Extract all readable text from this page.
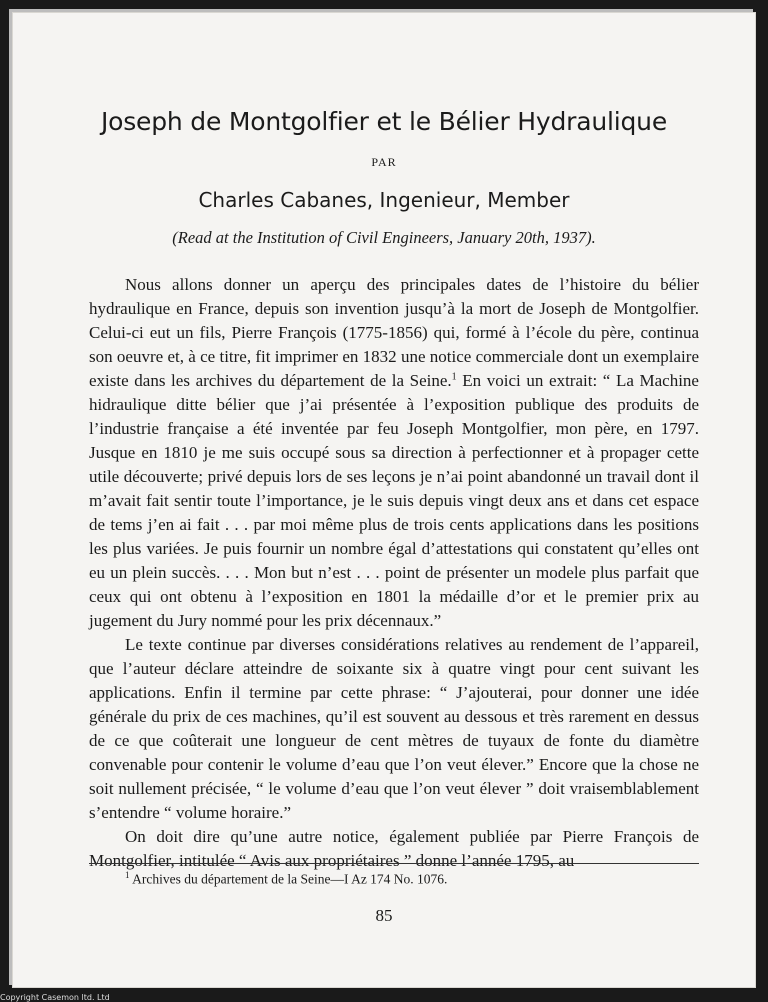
Joseph de Montgolfier et le Bélier Hydraulique
PAR
Charles Cabanes, Ingenieur, Member
(Read at the Institution of Civil Engineers, January 20th, 1937).

Nous allons donner un aperçu des principales dates de l’histoire du bélier hydraulique en France, depuis son invention jusqu’à la mort de Joseph de Montgolfier. Celui-ci eut un fils, Pierre François (1775-1856) qui, formé à l’école du père, continua son oeuvre et, à ce titre, fit imprimer en 1832 une notice commerciale dont un exemplaire existe dans les archives du département de la Seine.$^1$ En voici un extrait: “ La Machine hidraulique ditte bélier que j’ai présentée à l’exposition publique des produits de l’industrie française a été inventée par feu Joseph Montgolfier, mon père, en 1797. Jusque en 1810 je me suis occupé sous sa direction à perfectionner et à propager cette utile découverte; privé depuis lors de ses leçons je n’ai point abandonné un travail dont il m’avait fait sentir toute l’importance, je le suis depuis vingt deux ans et dans cet espace de tems j’en ai fait . . . par moi même plus de trois cents applications dans les positions les plus variées. Je puis fournir un nombre égal d’attestations qui constatent qu’elles ont eu un plein succès. . . . Mon but n’est . . . point de présenter un modele plus parfait que ceux qui ont obtenu à l’exposition en 1801 la médaille d’or et le premier prix au jugement du Jury nommé pour les prix décennaux.”

Le texte continue par diverses considérations relatives au rendement de l’appareil, que l’auteur déclare atteindre de soixante six à quatre vingt pour cent suivant les applications. Enfin il termine par cette phrase: “ J’ajouterai, pour donner une idée générale du prix de ces machines, qu’il est souvent au dessous et très rarement en dessus de ce que coûterait une longueur de cent mètres de tuyaux de fonte du diamètre convenable pour contenir le volume d’eau que l’on veut élever.” Encore que la chose ne soit nullement précisée, “ le volume d’eau que l’on veut élever ” doit vraisemblablement s’entendre “ volume horaire.”

On doit dire qu’une autre notice, également publiée par Pierre François de Montgolfier, intitulée “ Avis aux propriétaires ” donne l’année 1795, au

$^1$ Archives du département de la Seine—I Az 174 No. 1076.
85
Copyright Casemon ltd. Ltd
